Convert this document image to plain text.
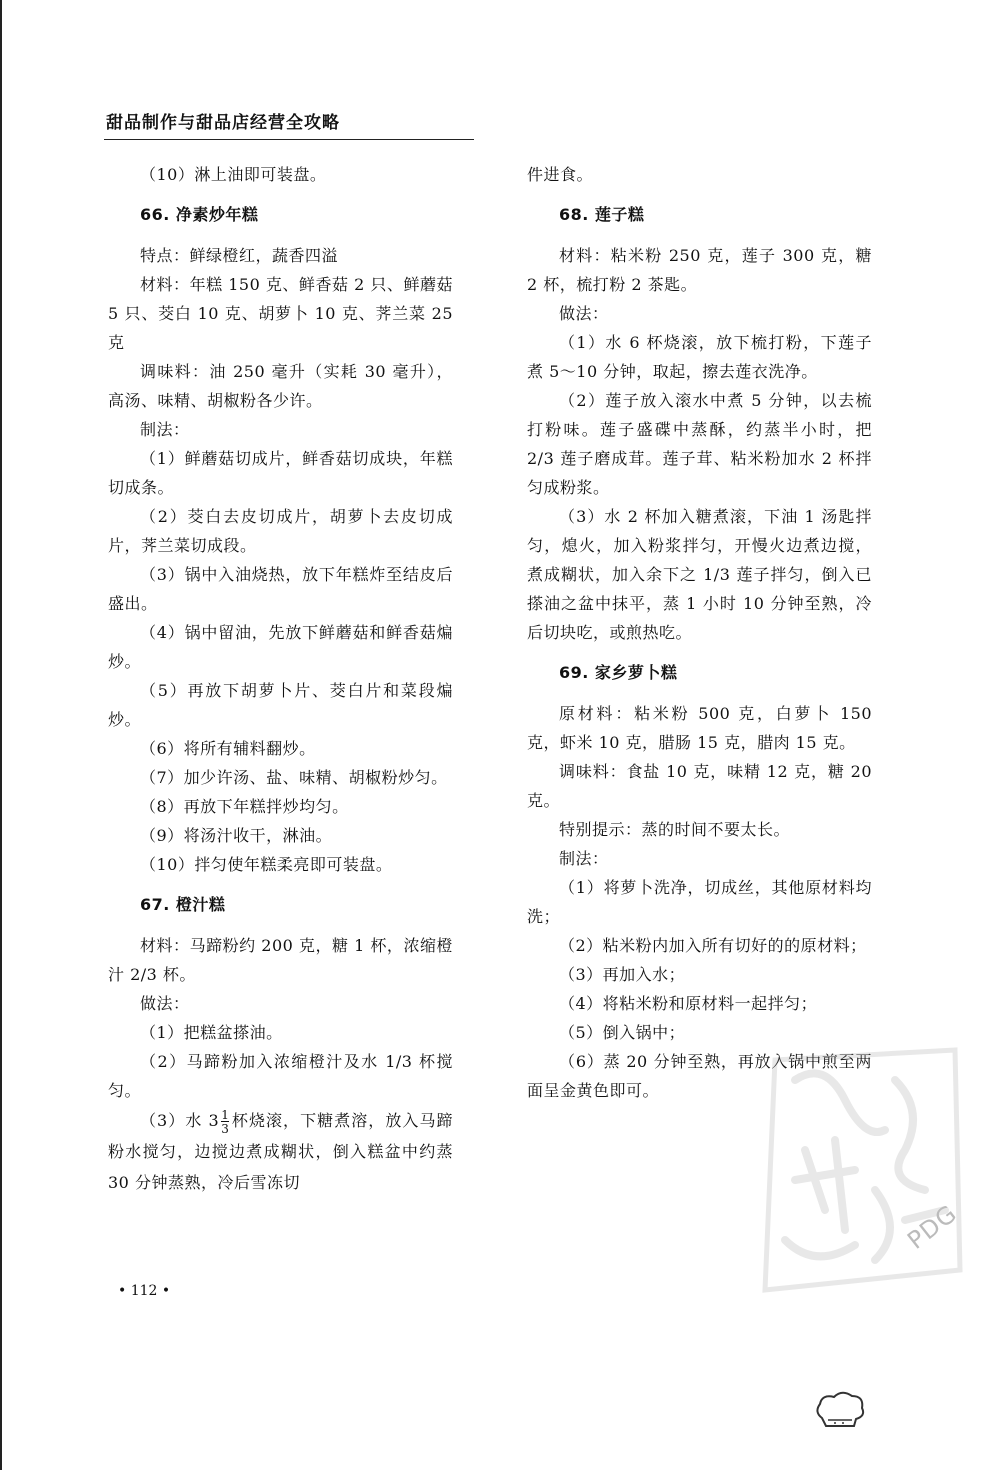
甜品制作与甜品店经营全攻略

（10）淋上油即可装盘。

66. 净素炒年糕

特点：鲜绿橙红，蔬香四溢

材料：年糕 150 克、鲜香菇 2 只、鲜蘑菇 5 只、茭白 10 克、胡萝卜 10 克、荠兰菜 25 克

调味料：油 250 毫升（实耗 30 毫升），高汤、味精、胡椒粉各少许。

制法：

（1）鲜蘑菇切成片，鲜香菇切成块，年糕切成条。

（2）茭白去皮切成片，胡萝卜去皮切成片，荠兰菜切成段。

（3）锅中入油烧热，放下年糕炸至结皮后盛出。

（4）锅中留油，先放下鲜蘑菇和鲜香菇煸炒。

（5）再放下胡萝卜片、茭白片和菜段煸炒。

（6）将所有辅料翻炒。

（7）加少许汤、盐、味精、胡椒粉炒匀。

（8）再放下年糕拌炒均匀。

（9）将汤汁收干，淋油。

（10）拌匀使年糕柔亮即可装盘。

67. 橙汁糕

材料：马蹄粉约 200 克，糖 1 杯，浓缩橙汁 2/3 杯。

做法：

（1）把糕盆搽油。

（2）马蹄粉加入浓缩橙汁及水 1/3 杯搅匀。

（3）水 $3 \frac{1}{3}$ 杯烧滚，下糖煮溶，放入马蹄粉水搅匀，边搅边煮成糊状，倒入糕盆中约蒸 30 分钟蒸熟，冷后雪冻切

件进食。

68. 莲子糕

材料：粘米粉 250 克，莲子 300 克，糖 2 杯，梳打粉 2 茶匙。

做法：

（1）水 6 杯烧滚，放下梳打粉，下莲子煮 5～10 分钟，取起，擦去莲衣洗净。

（2）莲子放入滚水中煮 5 分钟，以去梳打粉味。莲子盛碟中蒸酥，约蒸半小时，把 2/3 莲子磨成茸。莲子茸、粘米粉加水 2 杯拌匀成粉浆。

（3）水 2 杯加入糖煮滚，下油 1 汤匙拌匀，熄火，加入粉浆拌匀，开慢火边煮边搅，煮成糊状，加入余下之 1/3 莲子拌匀，倒入已搽油之盆中抹平，蒸 1 小时 10 分钟至熟，冷后切块吃，或煎热吃。

69. 家乡萝卜糕

原材料：粘米粉 500 克，白萝卜 150 克，虾米 10 克，腊肠 15 克，腊肉 15 克。

调味料：食盐 10 克，味精 12 克，糖 20 克。

特别提示：蒸的时间不要太长。

制法：

（1）将萝卜洗净，切成丝，其他原材料均洗；

（2）粘米粉内加入所有切好的的原材料；

（3）再加入水；

（4）将粘米粉和原材料一起拌匀；

（5）倒入锅中；

（6）蒸 20 分钟至熟，再放入锅中煎至两面呈金黄色即可。

• 112 •
PDG
